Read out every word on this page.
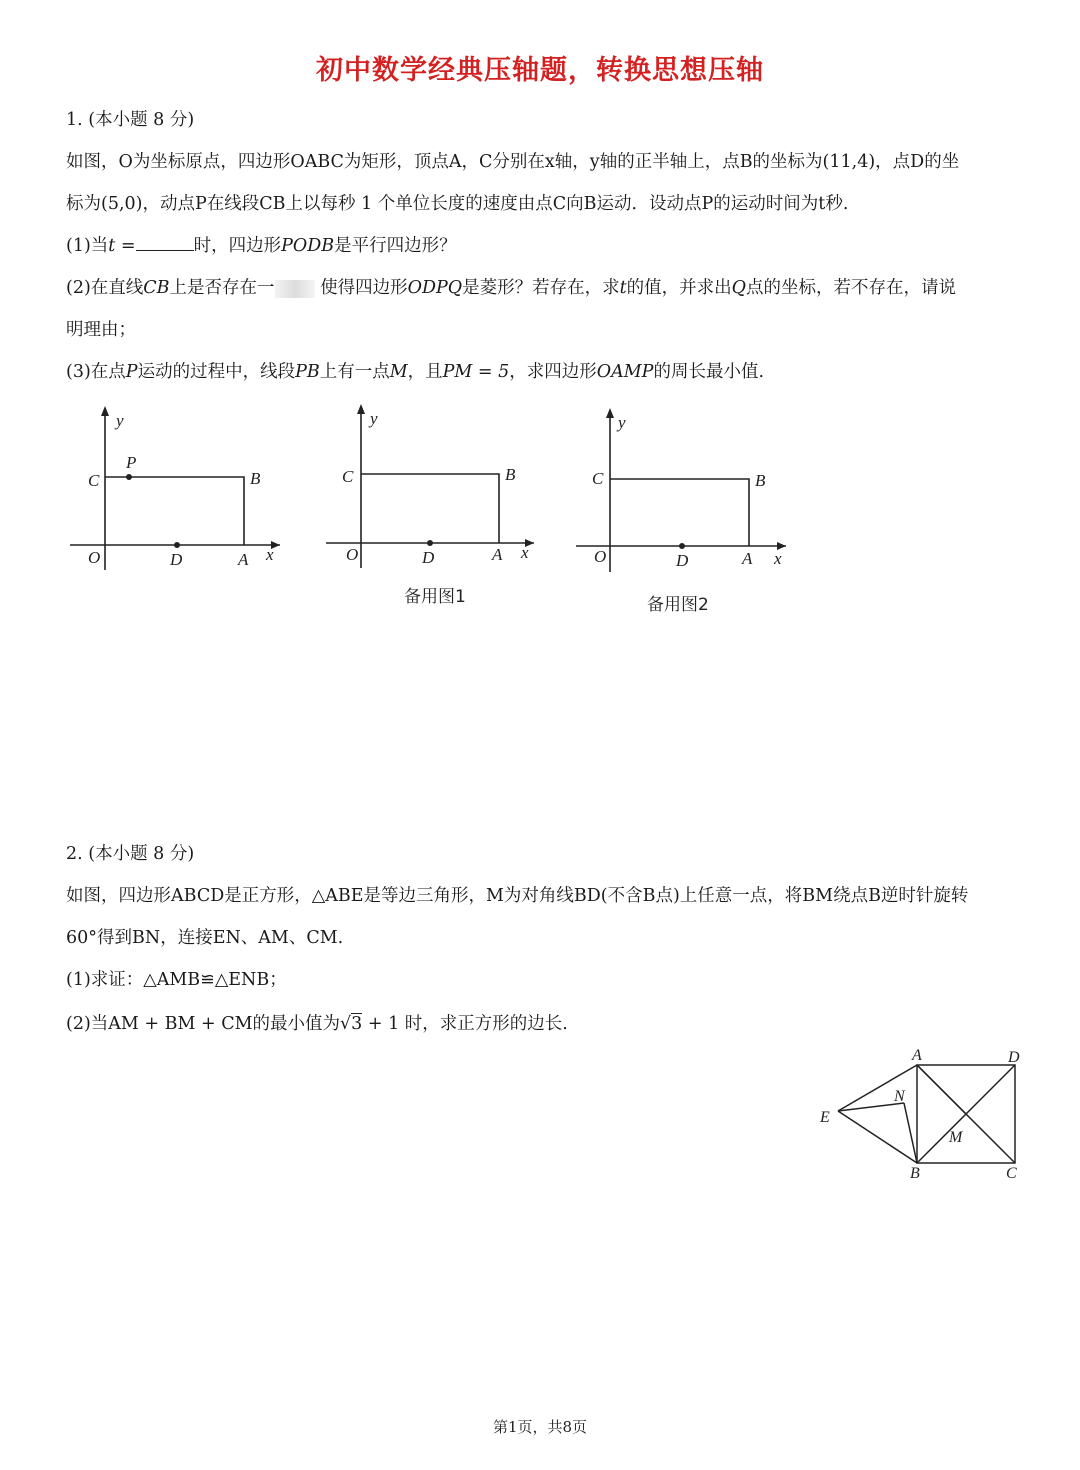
初中数学经典压轴题，转换思想压轴
1. (本小题 8 分)
如图，O为坐标原点，四边形OABC为矩形，顶点A，C分别在x轴，y轴的正半轴上，点B的坐标为(11,4)，点D的坐
标为(5,0)，动点P在线段CB上以每秒 1 个单位长度的速度由点C向B运动．设动点P的运动时间为t秒.
(1)当t =	时，四边形PODB是平行四边形？
(2)在直线CB上是否存在一 使得四边形ODPQ是菱形？若存在，求t的值，并求出Q点的坐标，若不存在，请说
明理由；
(3)在点P运动的过程中，线段PB上有一点M，且PM = 5，求四边形OAMP的周长最小值.
y
C
P
B
O	D	A x
y
C	B
O	D	A x
备用图1
y
C	B
O	D	A x
备用图2
2. (本小题 8 分)
如图，四边形ABCD是正方形，△ABE是等边三角形，M为对角线BD(不含B点)上任意一点，将BM绕点B逆时针旋转
60°得到BN，连接EN、AM、CM.
(1)求证：△AMB≌△ENB；
(2)当AM + BM + CM的最小值为√3 + 1 时，求正方形的边长.
A	D
E
N
M
B	C
第1页，共8页
